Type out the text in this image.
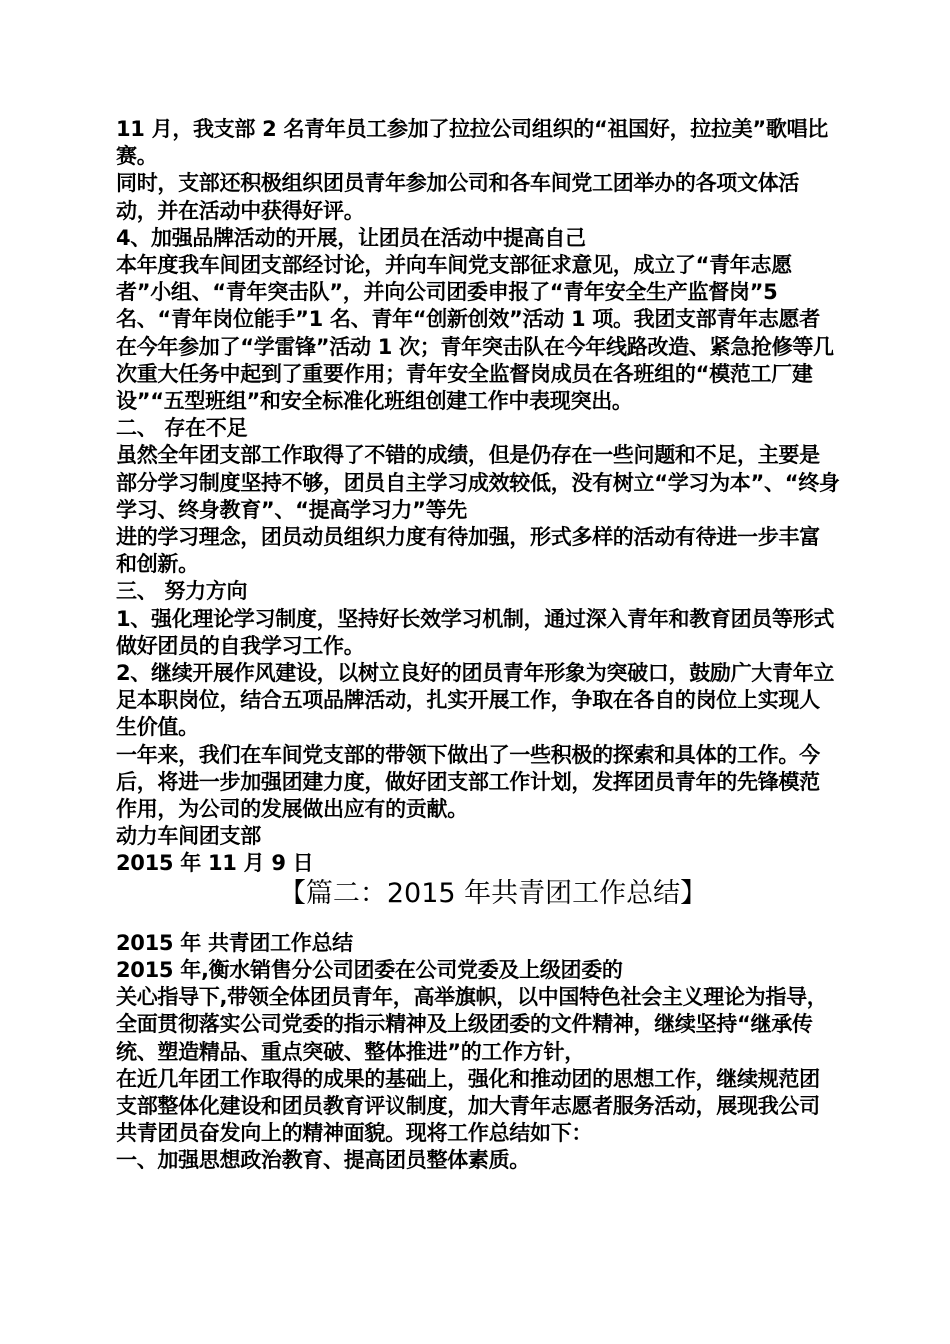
11 月，我支部 2 名青年员工参加了拉拉公司组织的“祖国好，拉拉美”歌唱比赛。

同时，支部还积极组织团员青年参加公司和各车间党工团举办的各项文体活动，并在活动中获得好评。

4、加强品牌活动的开展，让团员在活动中提高自己

本年度我车间团支部经讨论，并向车间党支部征求意见，成立了“青年志愿者”小组、“青年突击队”，并向公司团委申报了“青年安全生产监督岗”5 名、“青年岗位能手”1 名、青年“创新创效”活动 1 项。我团支部青年志愿者在今年参加了“学雷锋”活动 1 次；青年突击队在今年线路改造、紧急抢修等几次重大任务中起到了重要作用；青年安全监督岗成员在各班组的“模范工厂建设”“五型班组”和安全标准化班组创建工作中表现突出。

二、 存在不足

虽然全年团支部工作取得了不错的成绩，但是仍存在一些问题和不足，主要是部分学习制度坚持不够，团员自主学习成效较低，没有树立“学习为本”、“终身学习、终身教育”、“提高学习力”等先

进的学习理念，团员动员组织力度有待加强，形式多样的活动有待进一步丰富和创新。

三、 努力方向

1、强化理论学习制度，坚持好长效学习机制，通过深入青年和教育团员等形式做好团员的自我学习工作。

2、继续开展作风建设，以树立良好的团员青年形象为突破口，鼓励广大青年立足本职岗位，结合五项品牌活动，扎实开展工作，争取在各自的岗位上实现人生价值。

一年来，我们在车间党支部的带领下做出了一些积极的探索和具体的工作。今后，将进一步加强团建力度，做好团支部工作计划，发挥团员青年的先锋模范作用，为公司的发展做出应有的贡献。

动力车间团支部

2015 年 11 月 9 日

【篇二：2015 年共青团工作总结】

2015 年 共青团工作总结

2015 年,衡水销售分公司团委在公司党委及上级团委的

关心指导下,带领全体团员青年，高举旗帜，以中国特色社会主义理论为指导，全面贯彻落实公司党委的指示精神及上级团委的文件精神，继续坚持“继承传统、塑造精品、重点突破、整体推进”的工作方针，

在近几年团工作取得的成果的基础上，强化和推动团的思想工作，继续规范团支部整体化建设和团员教育评议制度，加大青年志愿者服务活动，展现我公司共青团员奋发向上的精神面貌。现将工作总结如下：

一、加强思想政治教育、提高团员整体素质。
